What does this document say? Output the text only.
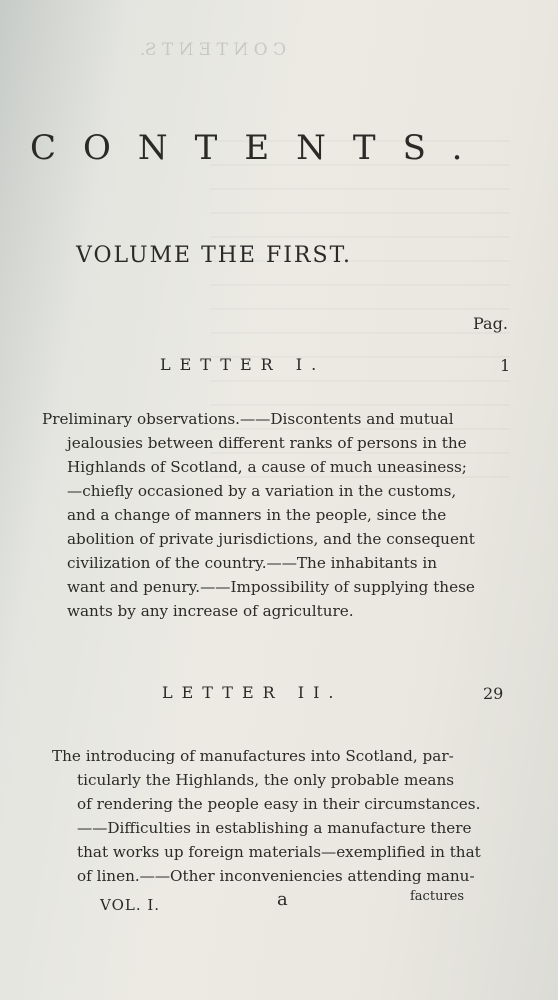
C O N T E N T S.
CONTENTS.
VOLUME THE FIRST.
Pag.
LETTER I.	1
Preliminary observations.——Discontents and mutual
jealousies between different ranks of persons in the
Highlands of Scotland, a cause of much uneasiness;
—chiefly occasioned by a variation in the customs,
and a change of manners in the people, since the
abolition of private jurisdictions, and the consequent
civilization of the country.——The inhabitants in
want and penury.——Impossibility of supplying these
wants by any increase of agriculture.
LETTER II.	29
The introducing of manufactures into Scotland, par-
ticularly the Highlands, the only probable means
of rendering the people easy in their circumstances.
——Difficulties in establishing a manufacture there
that works up foreign materials—exemplified in that
of linen.——Other inconveniencies attending manu-
VOL. I.	a	factures
